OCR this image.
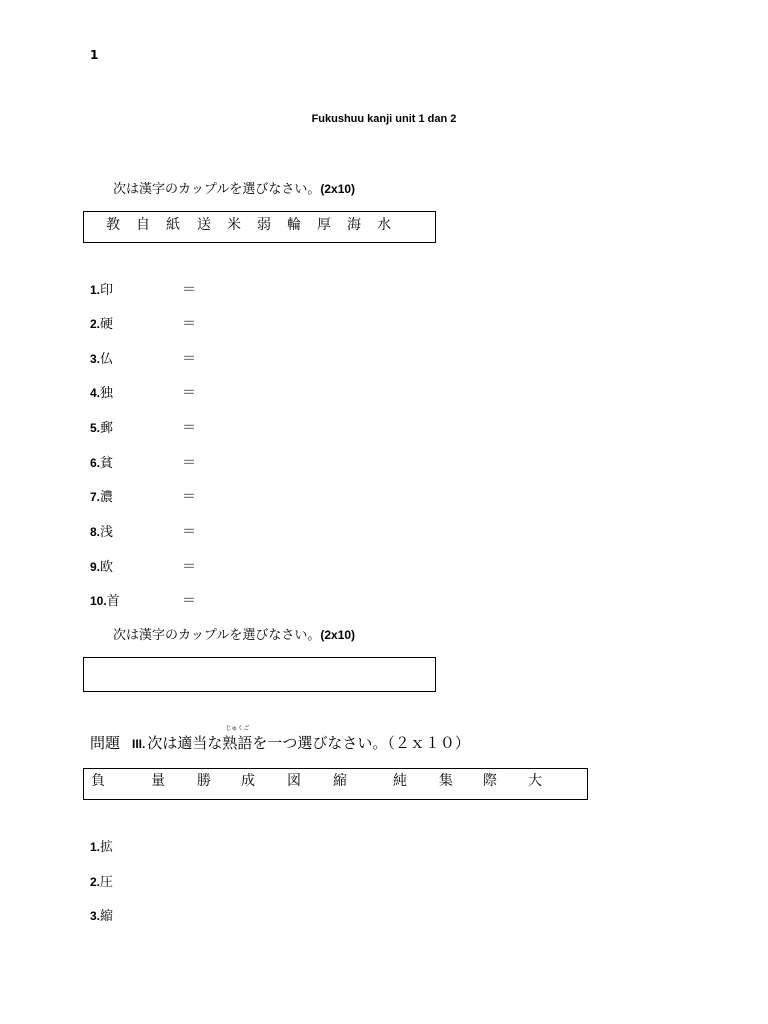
1
Fukushuu kanji unit 1 dan 2
次は漢字のカップルを選びなさい。(2x10)
教 自 紙 送 米 弱 輪 厚 海 水
1.印	＝
2.硬	＝
3.仏	＝
4.独	＝
5.郵	＝
6.貧	＝
7.濃	＝
8.浅	＝
9.欧	＝
10.首	＝
次は漢字のカップルを選びなさい。(2x10)
問題 III. 次は適当な
じゅくご
熟語を一つ選びなさい。（２ｘ１０）
負	量 勝 成 図 縮	純 集 際 大
1.拡
2.圧
3.縮
